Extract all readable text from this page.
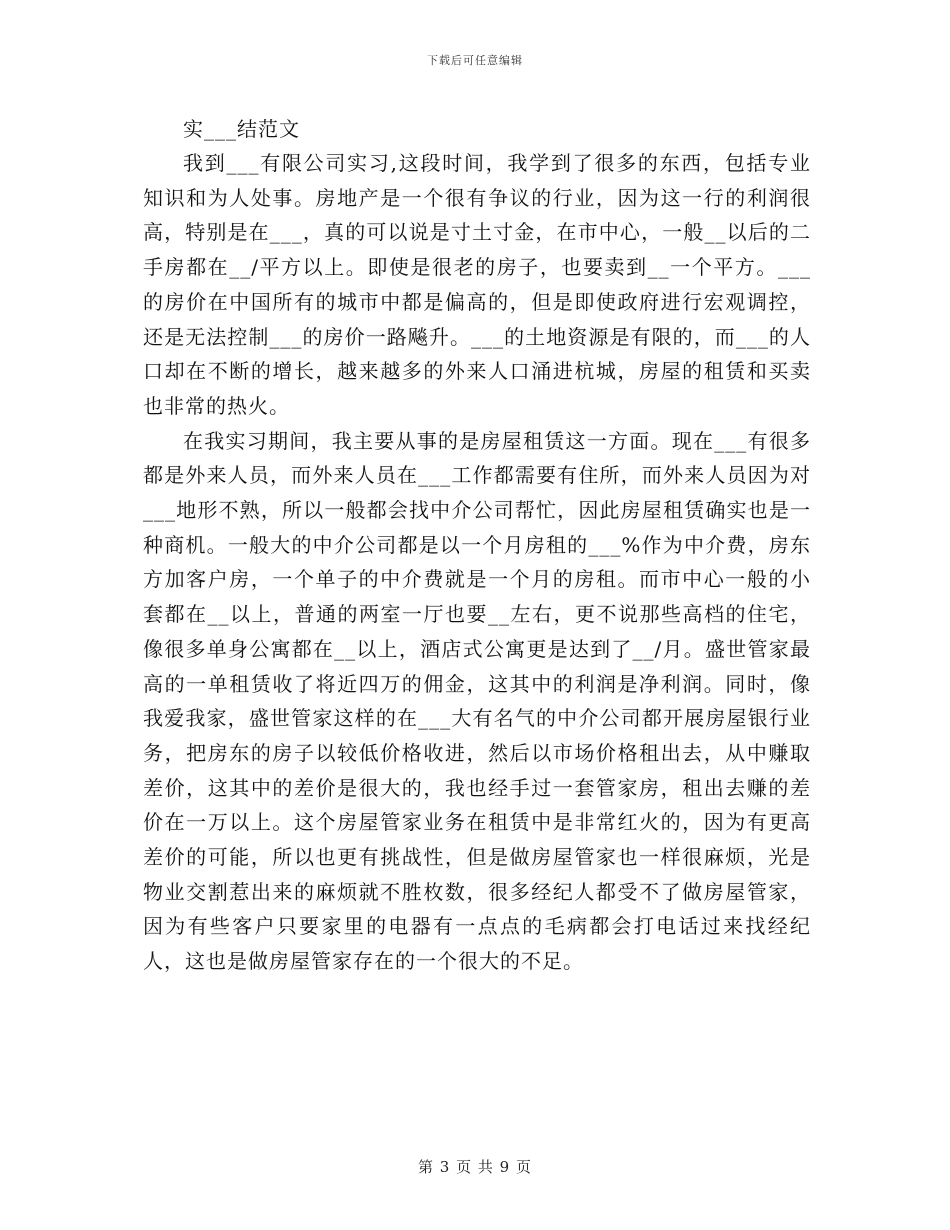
下载后可任意编辑
实___结范文

我到___有限公司实习,这段时间，我学到了很多的东西，包括专业知识和为人处事。房地产是一个很有争议的行业，因为这一行的利润很高，特别是在___，真的可以说是寸土寸金，在市中心，一般__以后的二手房都在__/平方以上。即使是很老的房子，也要卖到__一个平方。___的房价在中国所有的城市中都是偏高的，但是即使政府进行宏观调控，还是无法控制___的房价一路飚升。___的土地资源是有限的，而___的人口却在不断的增长，越来越多的外来人口涌进杭城，房屋的租赁和买卖也非常的热火。

在我实习期间，我主要从事的是房屋租赁这一方面。现在___有很多都是外来人员，而外来人员在___工作都需要有住所，而外来人员因为对___地形不熟，所以一般都会找中介公司帮忙，因此房屋租赁确实也是一种商机。一般大的中介公司都是以一个月房租的___%作为中介费，房东方加客户房，一个单子的中介费就是一个月的房租。而市中心一般的小套都在__以上，普通的两室一厅也要__左右，更不说那些高档的住宅，像很多单身公寓都在__以上，酒店式公寓更是达到了__/月。盛世管家最高的一单租赁收了将近四万的佣金，这其中的利润是净利润。同时，像我爱我家，盛世管家这样的在___大有名气的中介公司都开展房屋银行业务，把房东的房子以较低价格收进，然后以市场价格租出去，从中赚取差价，这其中的差价是很大的，我也经手过一套管家房，租出去赚的差价在一万以上。这个房屋管家业务在租赁中是非常红火的，因为有更高差价的可能，所以也更有挑战性，但是做房屋管家也一样很麻烦，光是物业交割惹出来的麻烦就不胜枚数，很多经纪人都受不了做房屋管家，因为有些客户只要家里的电器有一点点的毛病都会打电话过来找经纪人，这也是做房屋管家存在的一个很大的不足。

第 3 页 共 9 页
